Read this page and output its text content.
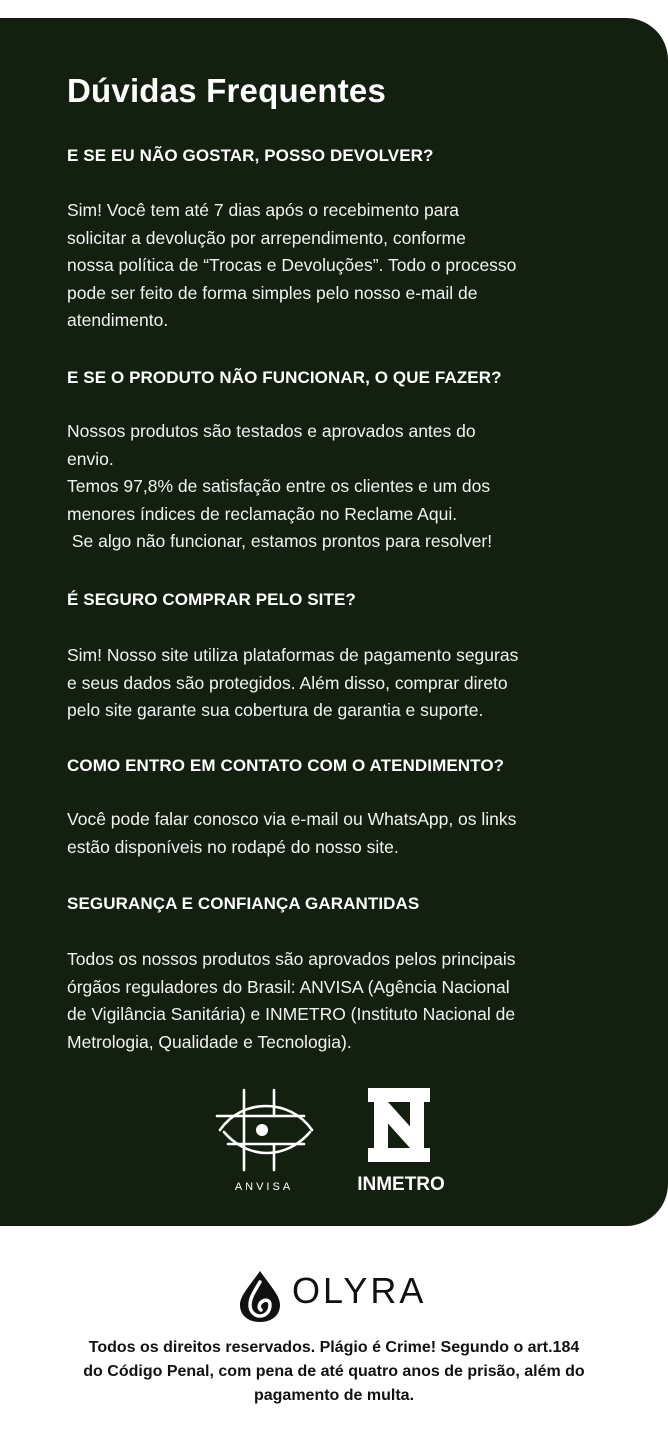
Dúvidas Frequentes
E SE EU NÃO GOSTAR, POSSO DEVOLVER?

Sim! Você tem até 7 dias após o recebimento para
solicitar a devolução por arrependimento, conforme
nossa política de “Trocas e Devoluções”. Todo o processo
pode ser feito de forma simples pelo nosso e-mail de
atendimento.

E SE O PRODUTO NÃO FUNCIONAR, O QUE FAZER?

Nossos produtos são testados e aprovados antes do
envio.
Temos 97,8% de satisfação entre os clientes e um dos
menores índices de reclamação no Reclame Aqui.
Se algo não funcionar, estamos prontos para resolver!

É SEGURO COMPRAR PELO SITE?

Sim! Nosso site utiliza plataformas de pagamento seguras
e seus dados são protegidos. Além disso, comprar direto
pelo site garante sua cobertura de garantia e suporte.

COMO ENTRO EM CONTATO COM O ATENDIMENTO?

Você pode falar conosco via e-mail ou WhatsApp, os links
estão disponíveis no rodapé do nosso site.

SEGURANÇA E CONFIANÇA GARANTIDAS

Todos os nossos produtos são aprovados pelos principais
órgãos reguladores do Brasil: ANVISA (Agência Nacional
de Vigilância Sanitária) e INMETRO (Instituto Nacional de
Metrologia, Qualidade e Tecnologia).

ANVISA	INMETRO
OLYRA

Todos os direitos reservados. Plágio é Crime! Segundo o art.184
do Código Penal, com pena de até quatro anos de prisão, além do
pagamento de multa.
